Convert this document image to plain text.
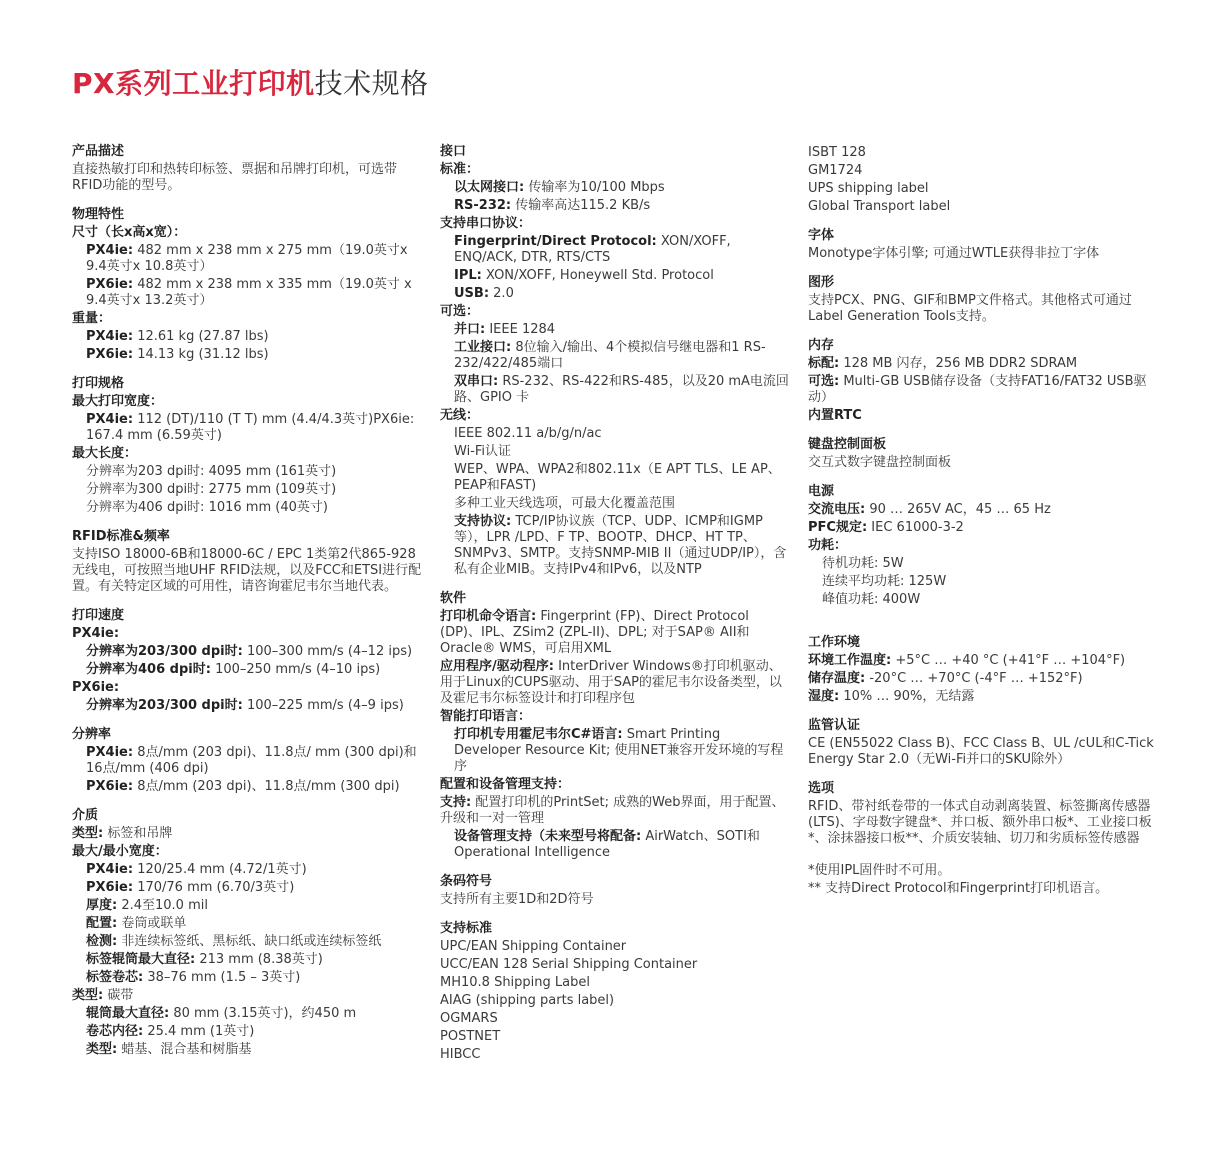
PX系列工业打印机技术规格
产品描述
直接热敏打印和热转印标签、票据和吊牌打印机，可选带RFID功能的型号。
物理特性
尺寸（长x高x宽）：
PX4ie: 482 mm x 238 mm x 275 mm（19.0英寸x 9.4英寸x 10.8英寸）
PX6ie: 482 mm x 238 mm x 335 mm（19.0英寸 x 9.4英寸x 13.2英寸）
重量：
PX4ie: 12.61 kg (27.87 lbs)
PX6ie: 14.13 kg (31.12 lbs)
打印规格
最大打印宽度：
PX4ie: 112 (DT)/110 (T T) mm (4.4/4.3英寸)PX6ie: 167.4 mm (6.59英寸)
最大长度：
分辨率为203 dpi时: 4095 mm (161英寸)
分辨率为300 dpi时: 2775 mm (109英寸)
分辨率为406 dpi时: 1016 mm (40英寸)
RFID标准&频率
支持ISO 18000-6B和18000-6C / EPC 1类第2代865-928无线电，可按照当地UHF RFID法规，以及FCC和ETSI进行配置。有关特定区域的可用性，请咨询霍尼韦尔当地代表。
打印速度
PX4ie:
分辨率为203/300 dpi时: 100–300 mm/s (4–12 ips)
分辨率为406 dpi时: 100–250 mm/s (4–10 ips)
PX6ie:
分辨率为203/300 dpi时: 100–225 mm/s (4–9 ips)
分辨率
PX4ie: 8点/mm (203 dpi)、11.8点/ mm (300 dpi)和16点/mm (406 dpi)
PX6ie: 8点/mm (203 dpi)、11.8点/mm (300 dpi)
介质
类型: 标签和吊牌
最大/最小宽度：
PX4ie: 120/25.4 mm (4.72/1英寸)
PX6ie: 170/76 mm (6.70/3英寸)
厚度: 2.4至10.0 mil
配置: 卷筒或联单
检测: 非连续标签纸、黑标纸、缺口纸或连续标签纸
标签辊筒最大直径: 213 mm (8.38英寸)
标签卷芯: 38–76 mm (1.5 – 3英寸)
类型: 碳带
辊筒最大直径: 80 mm (3.15英寸)，约450 m
卷芯内径: 25.4 mm (1英寸)
类型: 蜡基、混合基和树脂基
接口
标准：
以太网接口: 传输率为10/100 Mbps
RS-232: 传输率高达115.2 KB/s
支持串口协议：
Fingerprint/Direct Protocol: XON/XOFF, ENQ/ACK, DTR, RTS/CTS
IPL: XON/XOFF, Honeywell Std. Protocol
USB: 2.0
可选：
并口: IEEE 1284
工业接口: 8位输入/输出、4个模拟信号继电器和1 RS-232/422/485端口
双串口: RS-232、RS-422和RS-485，以及20 mA电流回路、GPIO 卡
无线：
IEEE 802.11 a/b/g/n/ac
Wi-Fi认证
WEP、WPA、WPA2和802.11x（E APT TLS、LE AP、PEAP和FAST)
多种工业天线选项，可最大化覆盖范围
支持协议: TCP/IP协议族（TCP、UDP、ICMP和IGMP等），LPR /LPD、F TP、BOOTP、DHCP、HT TP、SNMPv3、SMTP。支持SNMP-MIB II（通过UDP/IP），含私有企业MIB。支持IPv4和IPv6，以及NTP
软件
打印机命令语言: Fingerprint (FP)、Direct Protocol (DP)、IPL、ZSim2 (ZPL-II)、DPL; 对于SAP® AII和Oracle® WMS，可启用XML
应用程序/驱动程序: InterDriver Windows®打印机驱动、用于Linux的CUPS驱动、用于SAP的霍尼韦尔设备类型，以及霍尼韦尔标签设计和打印程序包
智能打印语言：
打印机专用霍尼韦尔C#语言: Smart Printing Developer Resource Kit; 使用NET兼容开发环境的写程序
配置和设备管理支持：
支持: 配置打印机的PrintSet; 成熟的Web界面，用于配置、升级和一对一管理
设备管理支持（未来型号将配备: AirWatch、SOTI和Operational Intelligence
条码符号
支持所有主要1D和2D符号
支持标准
UPC/EAN Shipping Container
UCC/EAN 128 Serial Shipping Container
MH10.8 Shipping Label
AIAG (shipping parts label)
OGMARS
POSTNET
HIBCC
ISBT 128
GM1724
UPS shipping label
Global Transport label
字体
Monotype字体引擎; 可通过WTLE获得非拉丁字体
图形
支持PCX、PNG、GIF和BMP文件格式。其他格式可通过Label Generation Tools支持。
内存
标配: 128 MB 闪存，256 MB DDR2 SDRAM
可选: Multi-GB USB储存设备（支持FAT16/FAT32 USB驱动）
内置RTC
键盘控制面板
交互式数字键盘控制面板
电源
交流电压: 90 … 265V AC，45 … 65 Hz
PFC规定: IEC 61000-3-2
功耗：
待机功耗: 5W
连续平均功耗: 125W
峰值功耗: 400W
工作环境
环境工作温度: +5°C … +40 °C (+41°F … +104°F)
储存温度: -20°C … +70°C (-4°F … +152°F)
湿度: 10% … 90%，无结露
监管认证
CE (EN55022 Class B)、FCC Class B、UL /cUL和C-Tick Energy Star 2.0（无Wi-Fi并口的SKU除外）
选项
RFID、带衬纸卷带的一体式自动剥离装置、标签撕离传感器 (LTS)、字母数字键盘*、并口板、额外串口板*、工业接口板*、涂抹器接口板**、介质安装轴、切刀和劣质标签传感器
*使用IPL固件时不可用。
** 支持Direct Protocol和Fingerprint打印机语言。
